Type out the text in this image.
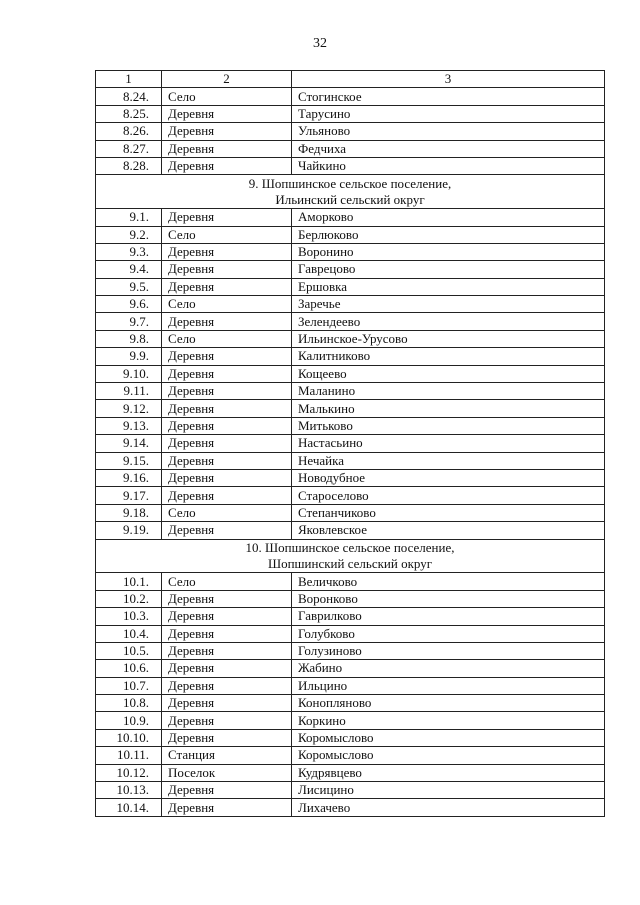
32
1	2	3
8.24.	Село	Стогинское
8.25.	Деревня	Тарусино
8.26.	Деревня	Ульяново
8.27.	Деревня	Федчиха
8.28.	Деревня	Чайкино
9. Шопшинское сельское поселение,		
Ильинский сельский округ		
9.1.	Деревня	Аморково
9.2.	Село	Берлюково
9.3.	Деревня	Воронино
9.4.	Деревня	Гаврецово
9.5.	Деревня	Ершовка
9.6.	Село	Заречье
9.7.	Деревня	Зелендеево
9.8.	Село	Ильинское-Урусово
9.9.	Деревня	Калитниково
9.10.	Деревня	Кощеево
9.11.	Деревня	Маланино
9.12.	Деревня	Малькино
9.13.	Деревня	Митьково
9.14.	Деревня	Настасьино
9.15.	Деревня	Нечайка
9.16.	Деревня	Новодубное
9.17.	Деревня	Староселово
9.18.	Село	Степанчиково
9.19.	Деревня	Яковлевское
10. Шопшинское сельское поселение,		
Шопшинский сельский округ		
10.1.	Село	Величково
10.2.	Деревня	Воронково
10.3.	Деревня	Гаврилково
10.4.	Деревня	Голубково
10.5.	Деревня	Голузиново
10.6.	Деревня	Жабино
10.7.	Деревня	Ильцино
10.8.	Деревня	Конопляново
10.9.	Деревня	Коркино
10.10.	Деревня	Коромыслово
10.11.	Станция	Коромыслово
10.12.	Поселок	Кудрявцево
10.13.	Деревня	Лисицино
10.14.	Деревня	Лихачево
